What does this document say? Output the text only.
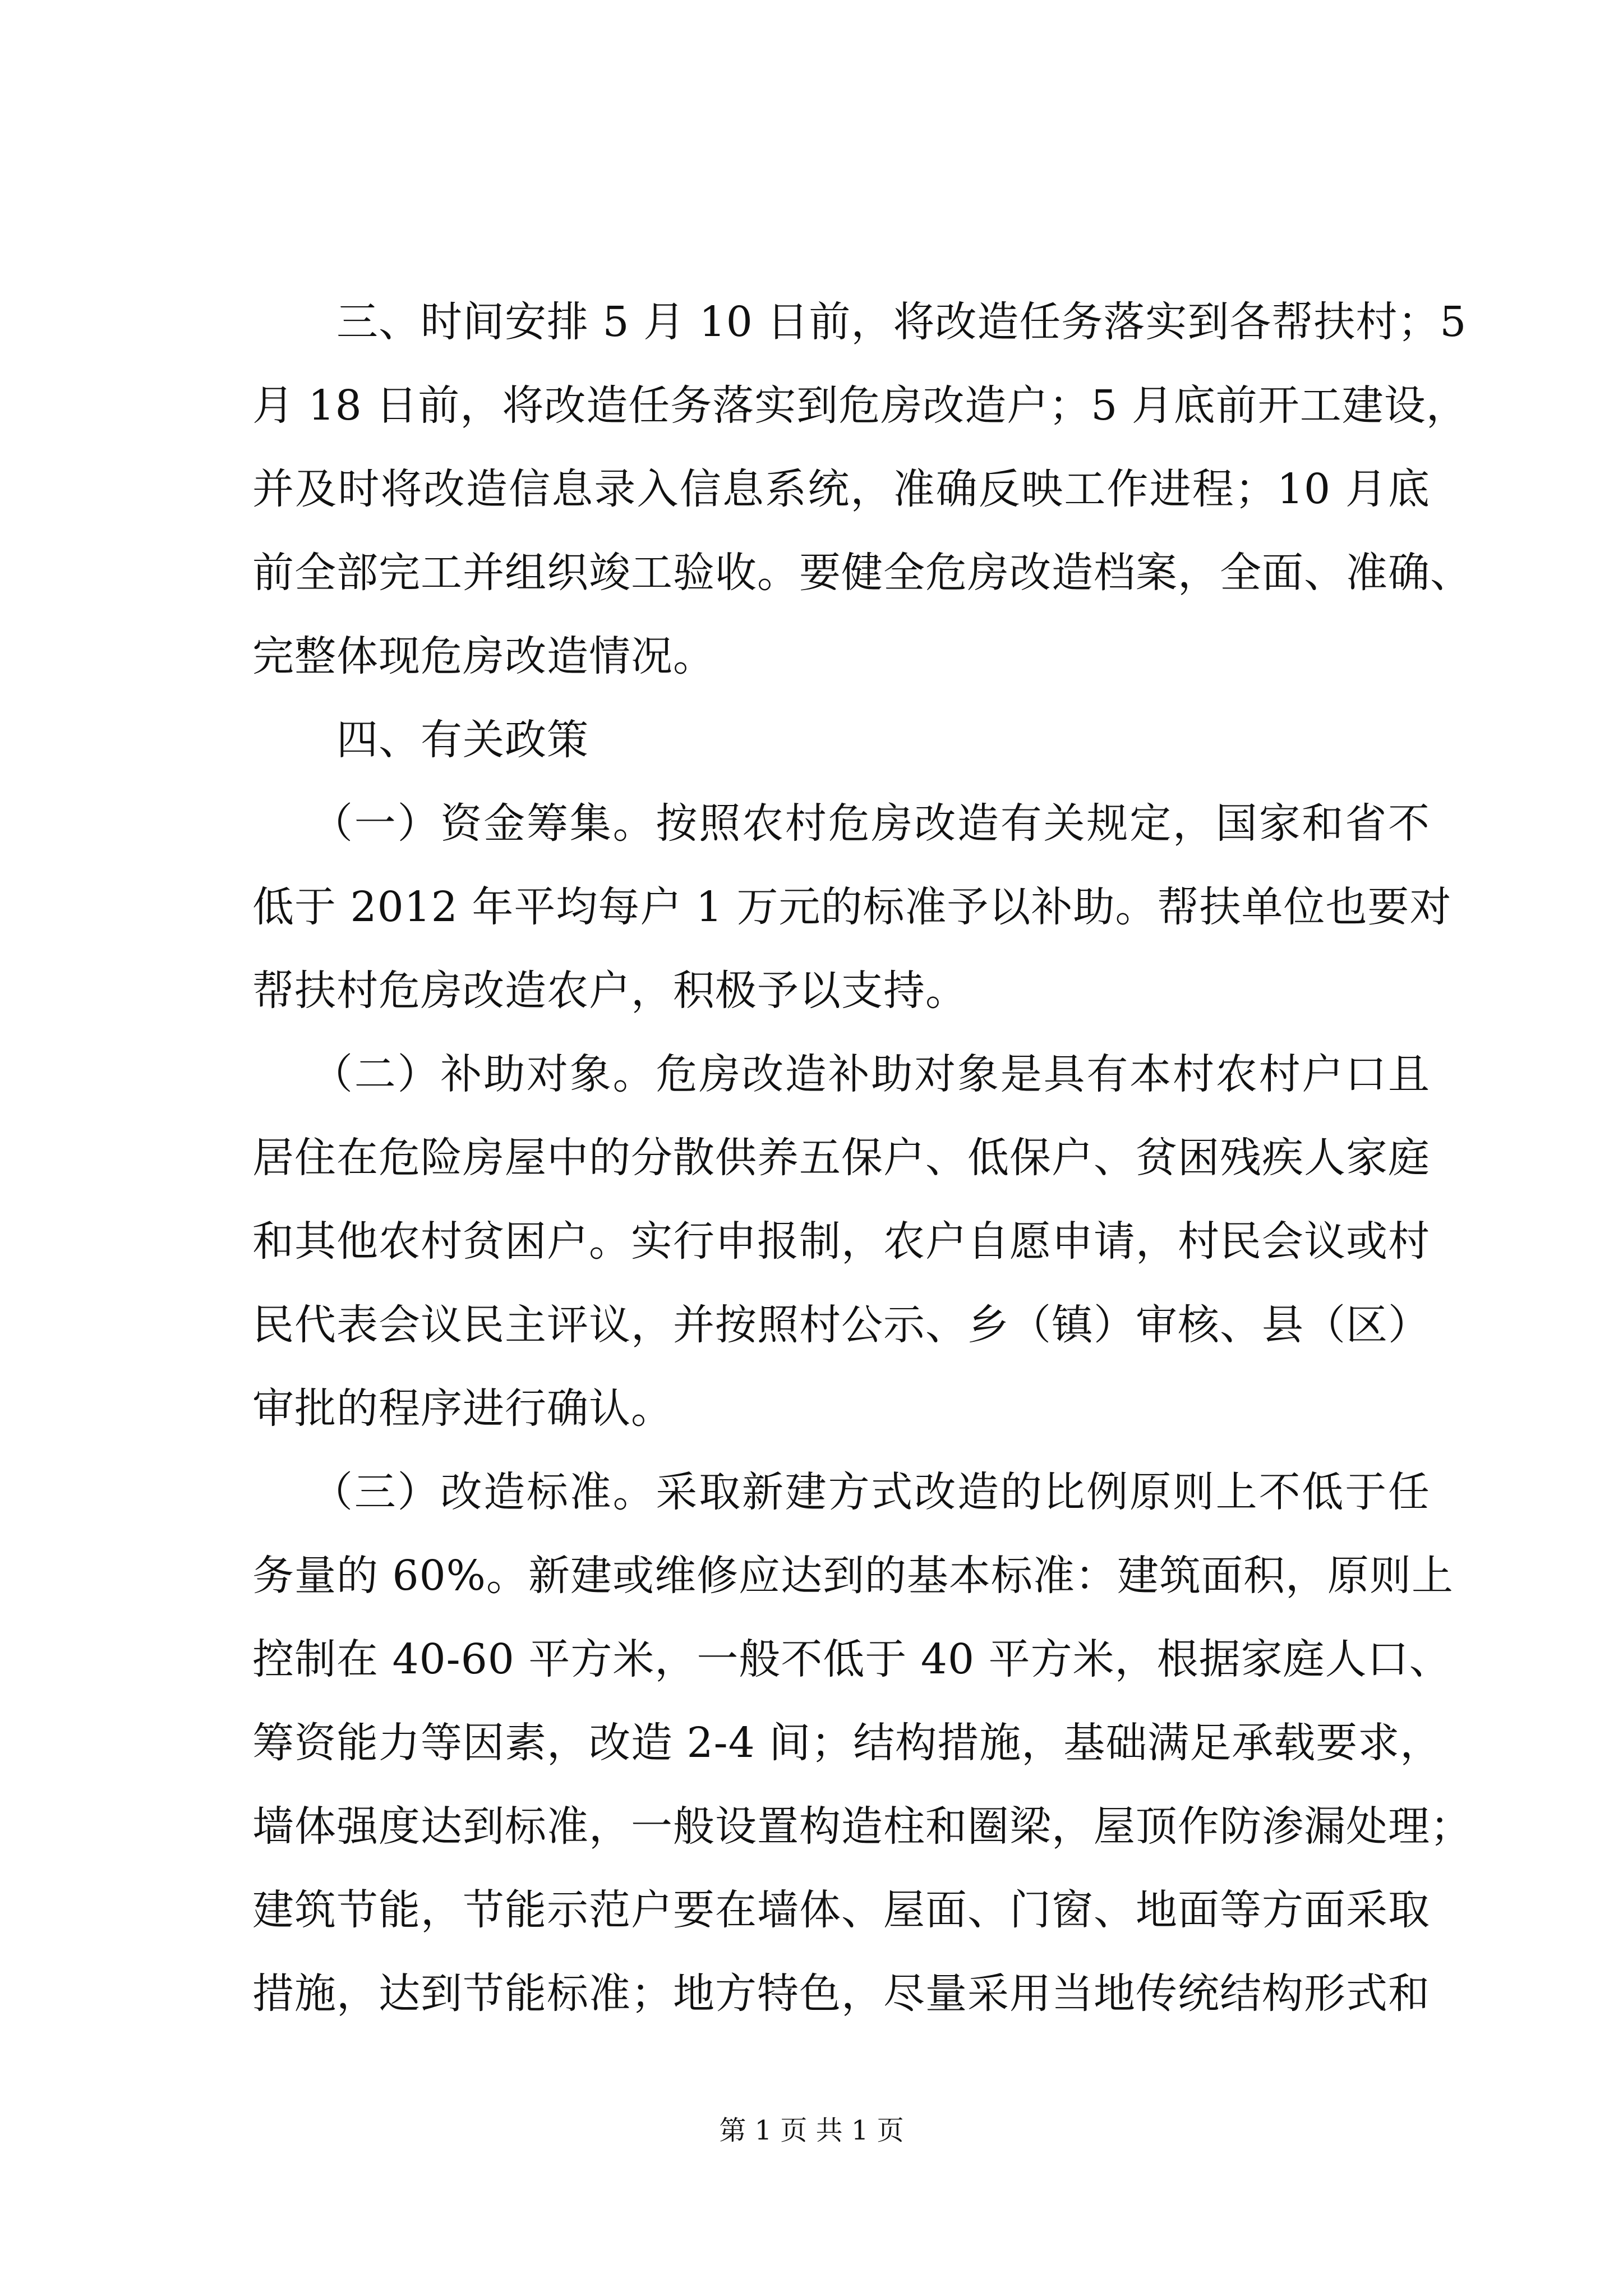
三、时间安排 5 月 10 日前，将改造任务落实到各帮扶村；5
月 18 日前，将改造任务落实到危房改造户；5 月底前开工建设，
并及时将改造信息录入信息系统，准确反映工作进程；10 月底
前全部完工并组织竣工验收。要健全危房改造档案，全面、准确、
完整体现危房改造情况。
四、有关政策
（一）资金筹集。按照农村危房改造有关规定，国家和省不
低于 2012 年平均每户 1 万元的标准予以补助。帮扶单位也要对
帮扶村危房改造农户，积极予以支持。
（二）补助对象。危房改造补助对象是具有本村农村户口且
居住在危险房屋中的分散供养五保户、低保户、贫困残疾人家庭
和其他农村贫困户。实行申报制，农户自愿申请，村民会议或村
民代表会议民主评议，并按照村公示、乡（镇）审核、县（区）
审批的程序进行确认。
（三）改造标准。采取新建方式改造的比例原则上不低于任
务量的 60%。新建或维修应达到的基本标准：建筑面积，原则上
控制在 40-60 平方米，一般不低于 40 平方米，根据家庭人口、
筹资能力等因素，改造 2-4 间；结构措施，基础满足承载要求，
墙体强度达到标准，一般设置构造柱和圈梁，屋顶作防渗漏处理；
建筑节能，节能示范户要在墙体、屋面、门窗、地面等方面采取
措施，达到节能标准；地方特色，尽量采用当地传统结构形式和
第 1 页 共 1 页
